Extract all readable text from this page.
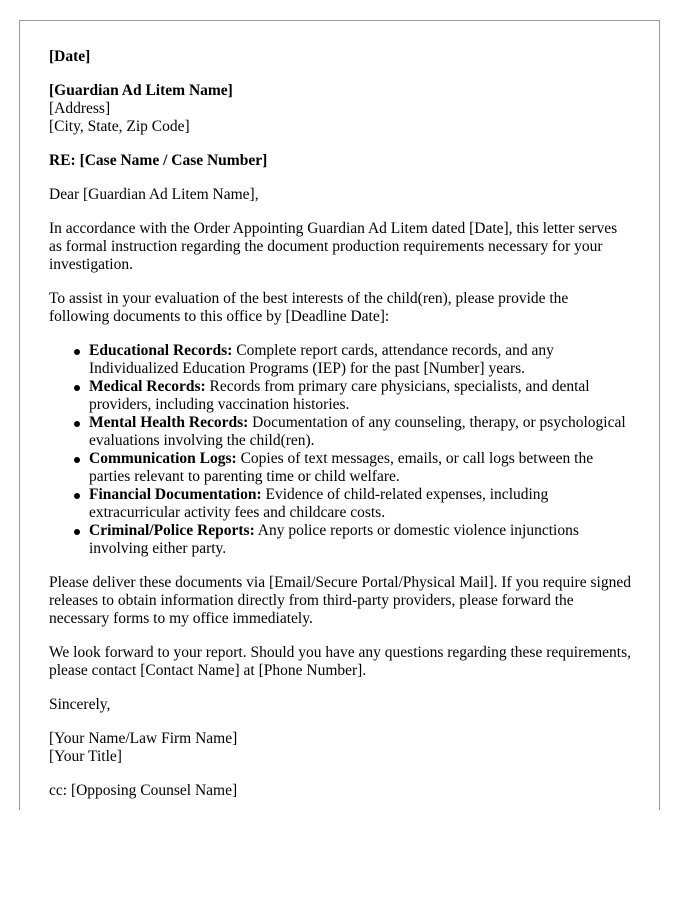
[Date]
[Guardian Ad Litem Name]
[Address]
[City, State, Zip Code]
RE: [Case Name / Case Number]

Dear [Guardian Ad Litem Name],

In accordance with the Order Appointing Guardian Ad Litem dated [Date], this letter serves as formal instruction regarding the document production requirements necessary for your investigation.

To assist in your evaluation of the best interests of the child(ren), please provide the following documents to this office by [Deadline Date]:

Educational Records: Complete report cards, attendance records, and any Individualized Education Programs (IEP) for the past [Number] years.
Medical Records: Records from primary care physicians, specialists, and dental providers, including vaccination histories.
Mental Health Records: Documentation of any counseling, therapy, or psychological evaluations involving the child(ren).
Communication Logs: Copies of text messages, emails, or call logs between the parties relevant to parenting time or child welfare.
Financial Documentation: Evidence of child-related expenses, including extracurricular activity fees and childcare costs.
Criminal/Police Reports: Any police reports or domestic violence injunctions involving either party.

Please deliver these documents via [Email/Secure Portal/Physical Mail]. If you require signed releases to obtain information directly from third-party providers, please forward the necessary forms to my office immediately.

We look forward to your report. Should you have any questions regarding these requirements, please contact [Contact Name] at [Phone Number].

Sincerely,

[Your Name/Law Firm Name]
[Your Title]
cc: [Opposing Counsel Name]
